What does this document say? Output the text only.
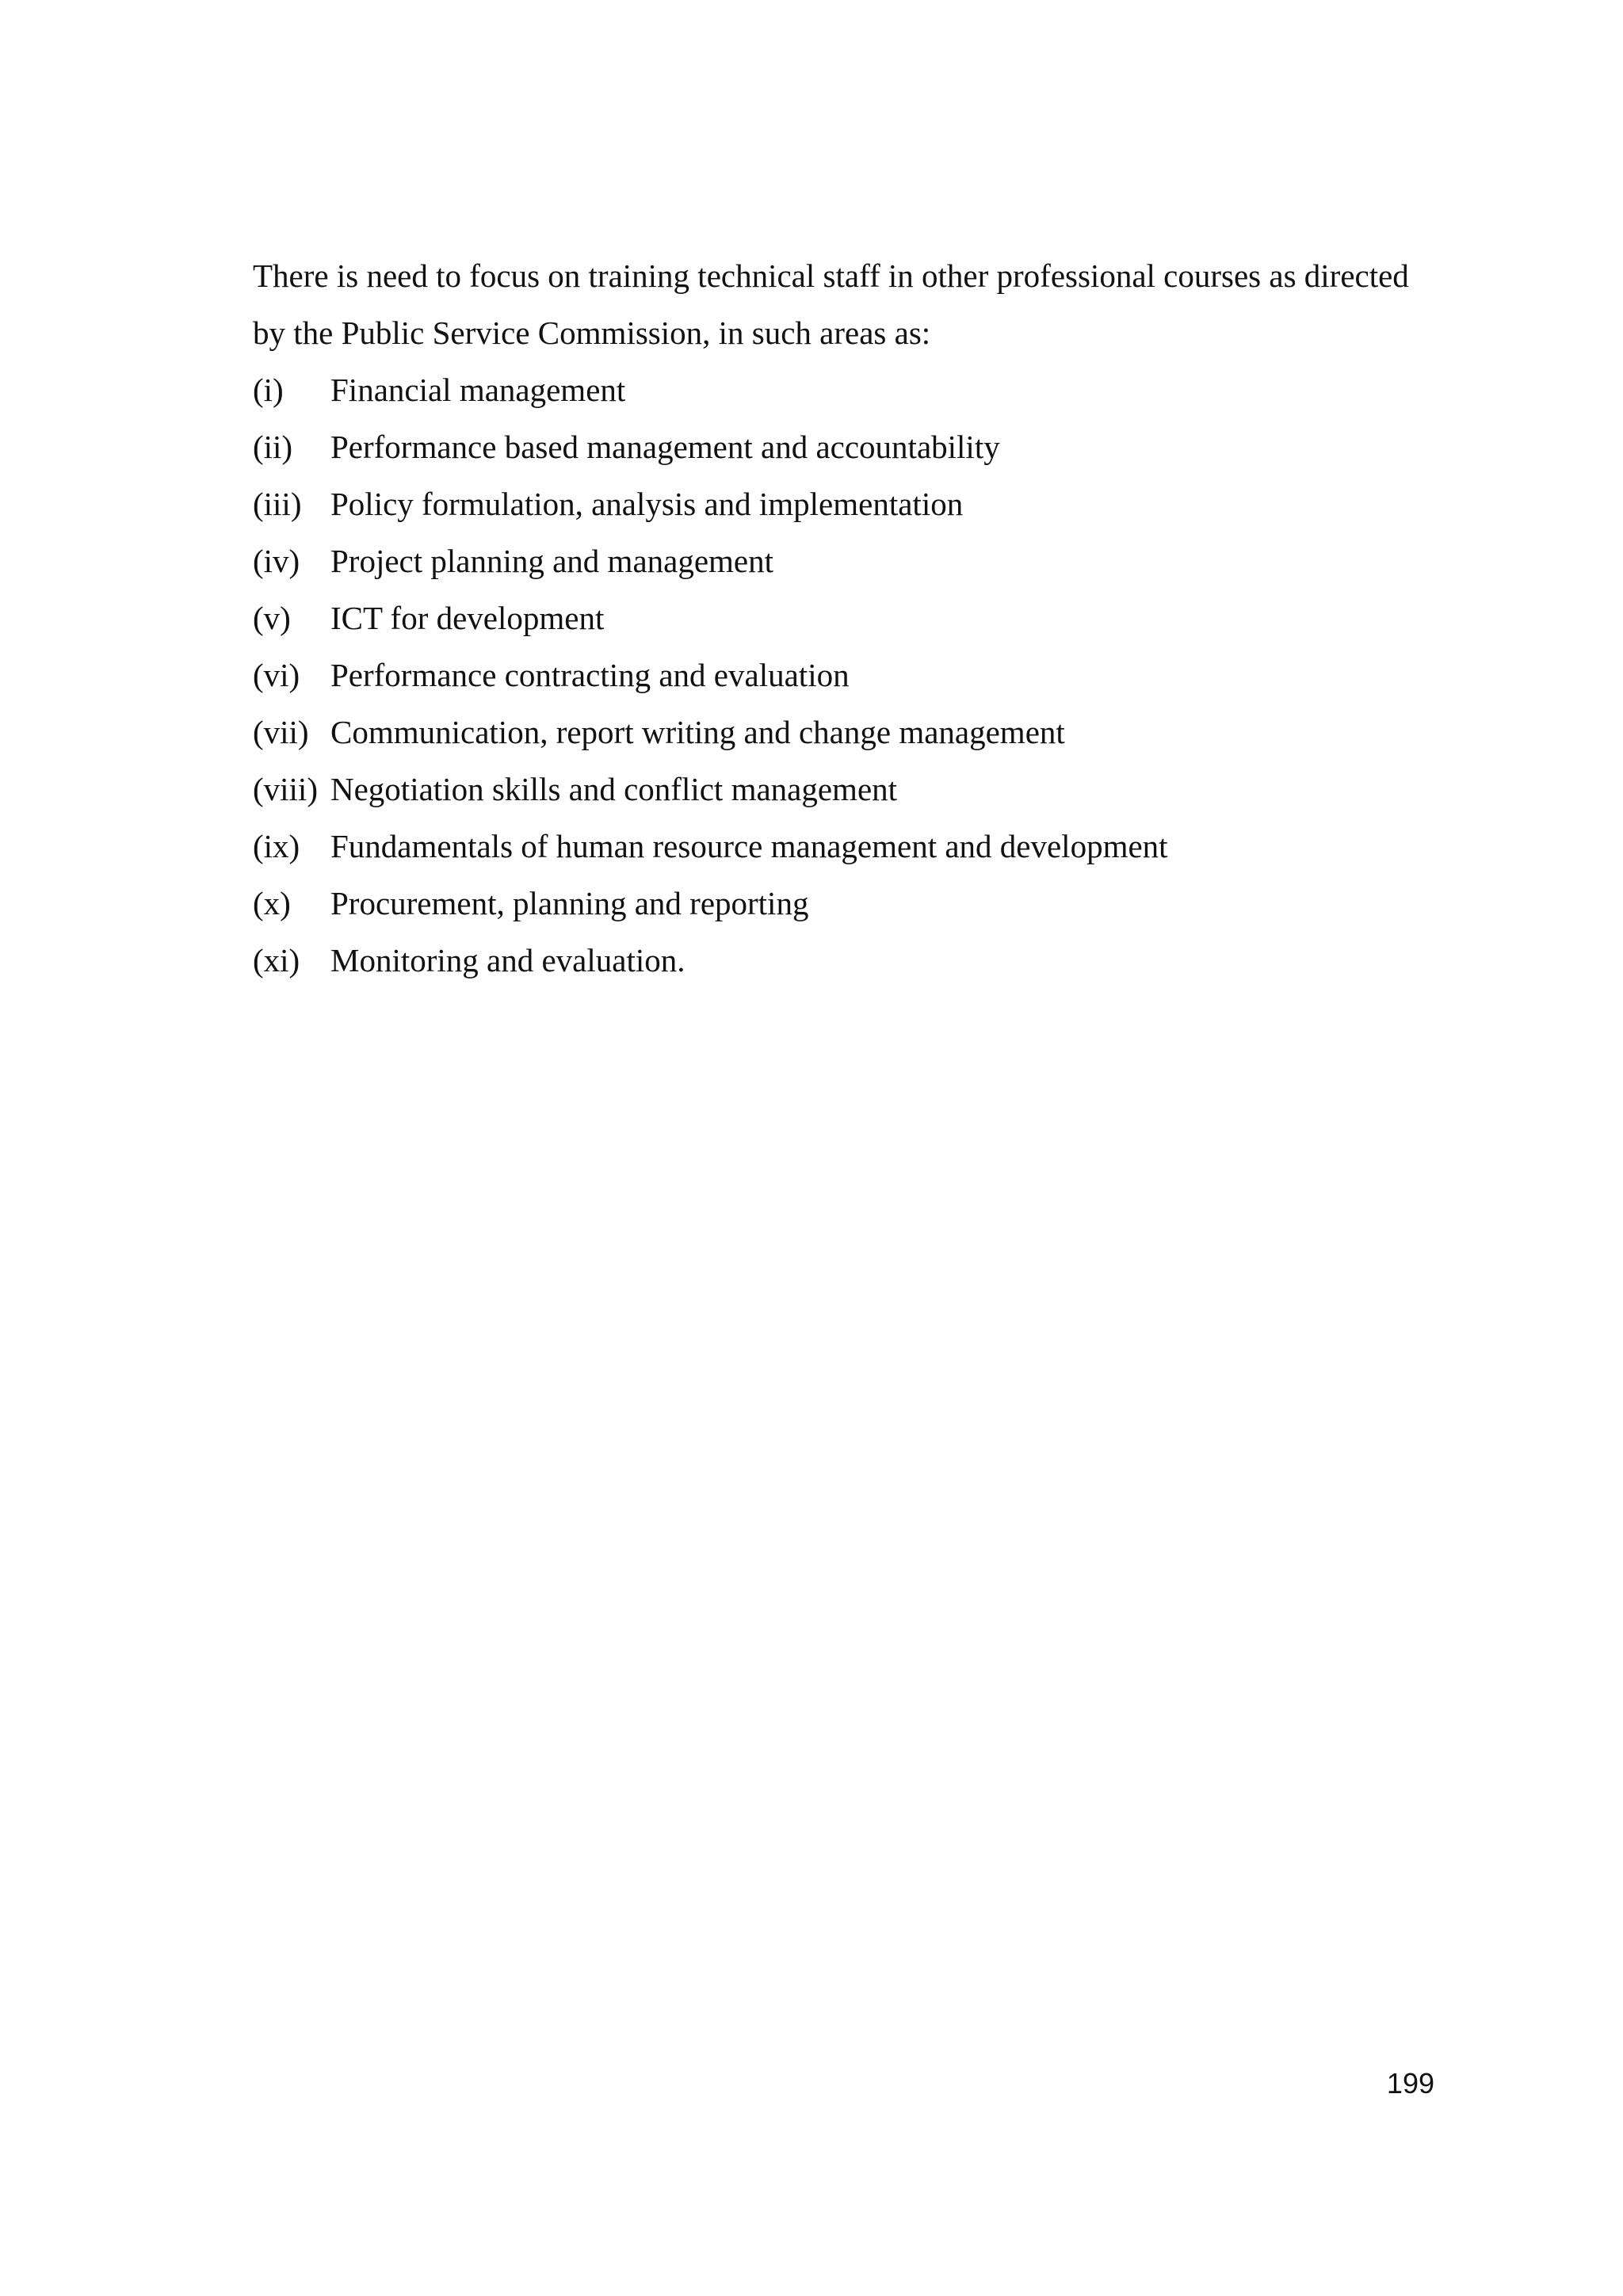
There is need to focus on training technical staff in other professional courses as directed

by the Public Service Commission, in such areas as:

(i)	Financial management
(ii)	Performance based management and accountability
(iii) Policy formulation, analysis and implementation
(iv) Project planning and management
(v)	ICT for development
(vi) Performance contracting and evaluation
(vii) Communication, report writing and change management
(viii) Negotiation skills and conflict management
(ix) Fundamentals of human resource management and development
(x)	Procurement, planning and reporting
(xi) Monitoring and evaluation.
199
